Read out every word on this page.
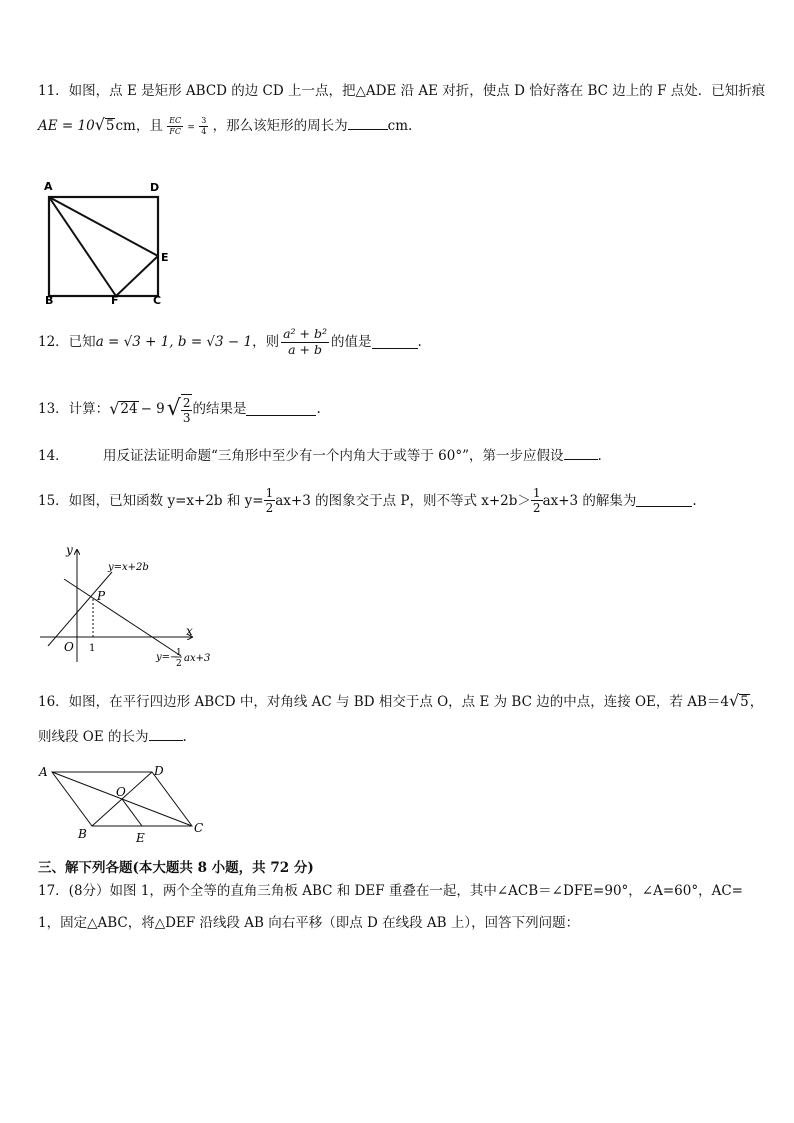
11．如图，点 E 是矩形 ABCD 的边 CD 上一点，把△ADE 沿 AE 对折，使点 D 恰好落在 BC 边上的 F 点处．已知折痕
AE = 10√5cm，且 $\frac{EC}{FC} = \frac{3}{4}$ ，那么该矩形的周长为	cm.
A	D
E
B	F	C
12．已知 a = √3 + 1, b = √3 − 1 ，则 $\frac{\text{a² + b²}}{a + b}$ 的值是	.
13．计算： √ 24 − 9 √ $\frac{2}{3}$ 的结果是	.
14．	用反证法证明命题“三角形中至少有一个内角大于或等于 60°”，第一步应假设	.
15．如图，已知函数 y=x+2b 和 $y= \frac{1}{2} ax+3$ 的图象交于点 P，则不等式 $x+2b> \frac{1}{2} ax+3$ 的解集为	.
y
x
O 1
P
y=x+2b
y=−
1
2 ax+3
16．如图，在平行四边形 ABCD 中，对角线 AC 与 BD 相交于点 O，点 E 为 BC 边的中点，连接 OE，若 AB＝4√5，
则线段 OE 的长为	.
A	D
O
B	E
C
三、解下列各题(本大题共 8 小题，共 72 分)
17．(8分）如图 1，两个全等的直角三角板 ABC 和 DEF 重叠在一起，其中∠ACB＝∠DFE=90°，∠A=60°，AC=
1，固定△ABC，将△DEF 沿线段 AB 向右平移（即点 D 在线段 AB 上），回答下列问题：
